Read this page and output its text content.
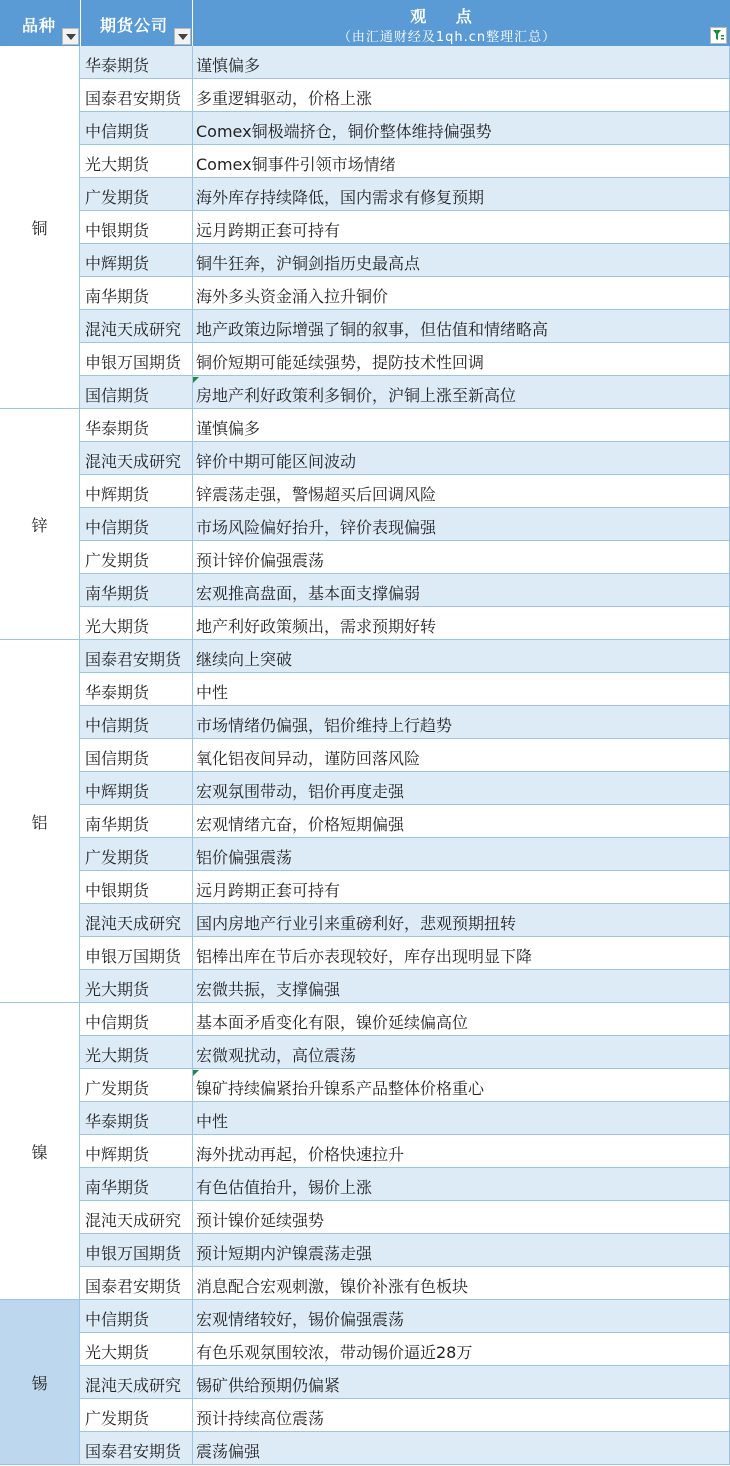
品种	期货公司	观 点
（由汇通财经及1qh.cn整理汇总）
铜
华泰期货	谨慎偏多
国泰君安期货 多重逻辑驱动，价格上涨
中信期货	Comex铜极端挤仓，铜价整体维持偏强势
光大期货	Comex铜事件引领市场情绪
广发期货	海外库存持续降低，国内需求有修复预期
中银期货	远月跨期正套可持有
中辉期货	铜牛狂奔，沪铜剑指历史最高点
南华期货	海外多头资金涌入拉升铜价
混沌天成研究 地产政策边际增强了铜的叙事，但估值和情绪略高
申银万国期货 铜价短期可能延续强势，提防技术性回调
国信期货	房地产利好政策利多铜价，沪铜上涨至新高位
锌
华泰期货	谨慎偏多
混沌天成研究 锌价中期可能区间波动
中辉期货	锌震荡走强，警惕超买后回调风险
中信期货	市场风险偏好抬升，锌价表现偏强
广发期货	预计锌价偏强震荡
南华期货	宏观推高盘面，基本面支撑偏弱
光大期货	地产利好政策频出，需求预期好转
铝
国泰君安期货 继续向上突破
华泰期货	中性
中信期货	市场情绪仍偏强，铝价维持上行趋势
国信期货	氧化铝夜间异动，谨防回落风险
中辉期货	宏观氛围带动，铝价再度走强
南华期货	宏观情绪亢奋，价格短期偏强
广发期货	铝价偏强震荡
中银期货	远月跨期正套可持有
混沌天成研究 国内房地产行业引来重磅利好，悲观预期扭转
申银万国期货 铝棒出库在节后亦表现较好，库存出现明显下降
光大期货	宏微共振，支撑偏强
镍
中信期货	基本面矛盾变化有限，镍价延续偏高位
光大期货	宏微观扰动，高位震荡
广发期货	镍矿持续偏紧抬升镍系产品整体价格重心
华泰期货	中性
中辉期货	海外扰动再起，价格快速拉升
南华期货	有色估值抬升，锡价上涨
混沌天成研究 预计镍价延续强势
申银万国期货 预计短期内沪镍震荡走强
国泰君安期货 消息配合宏观刺激，镍价补涨有色板块
锡
中信期货	宏观情绪较好，锡价偏强震荡
光大期货	有色乐观氛围较浓，带动锡价逼近28万
混沌天成研究 锡矿供给预期仍偏紧
广发期货	预计持续高位震荡
国泰君安期货 震荡偏强
